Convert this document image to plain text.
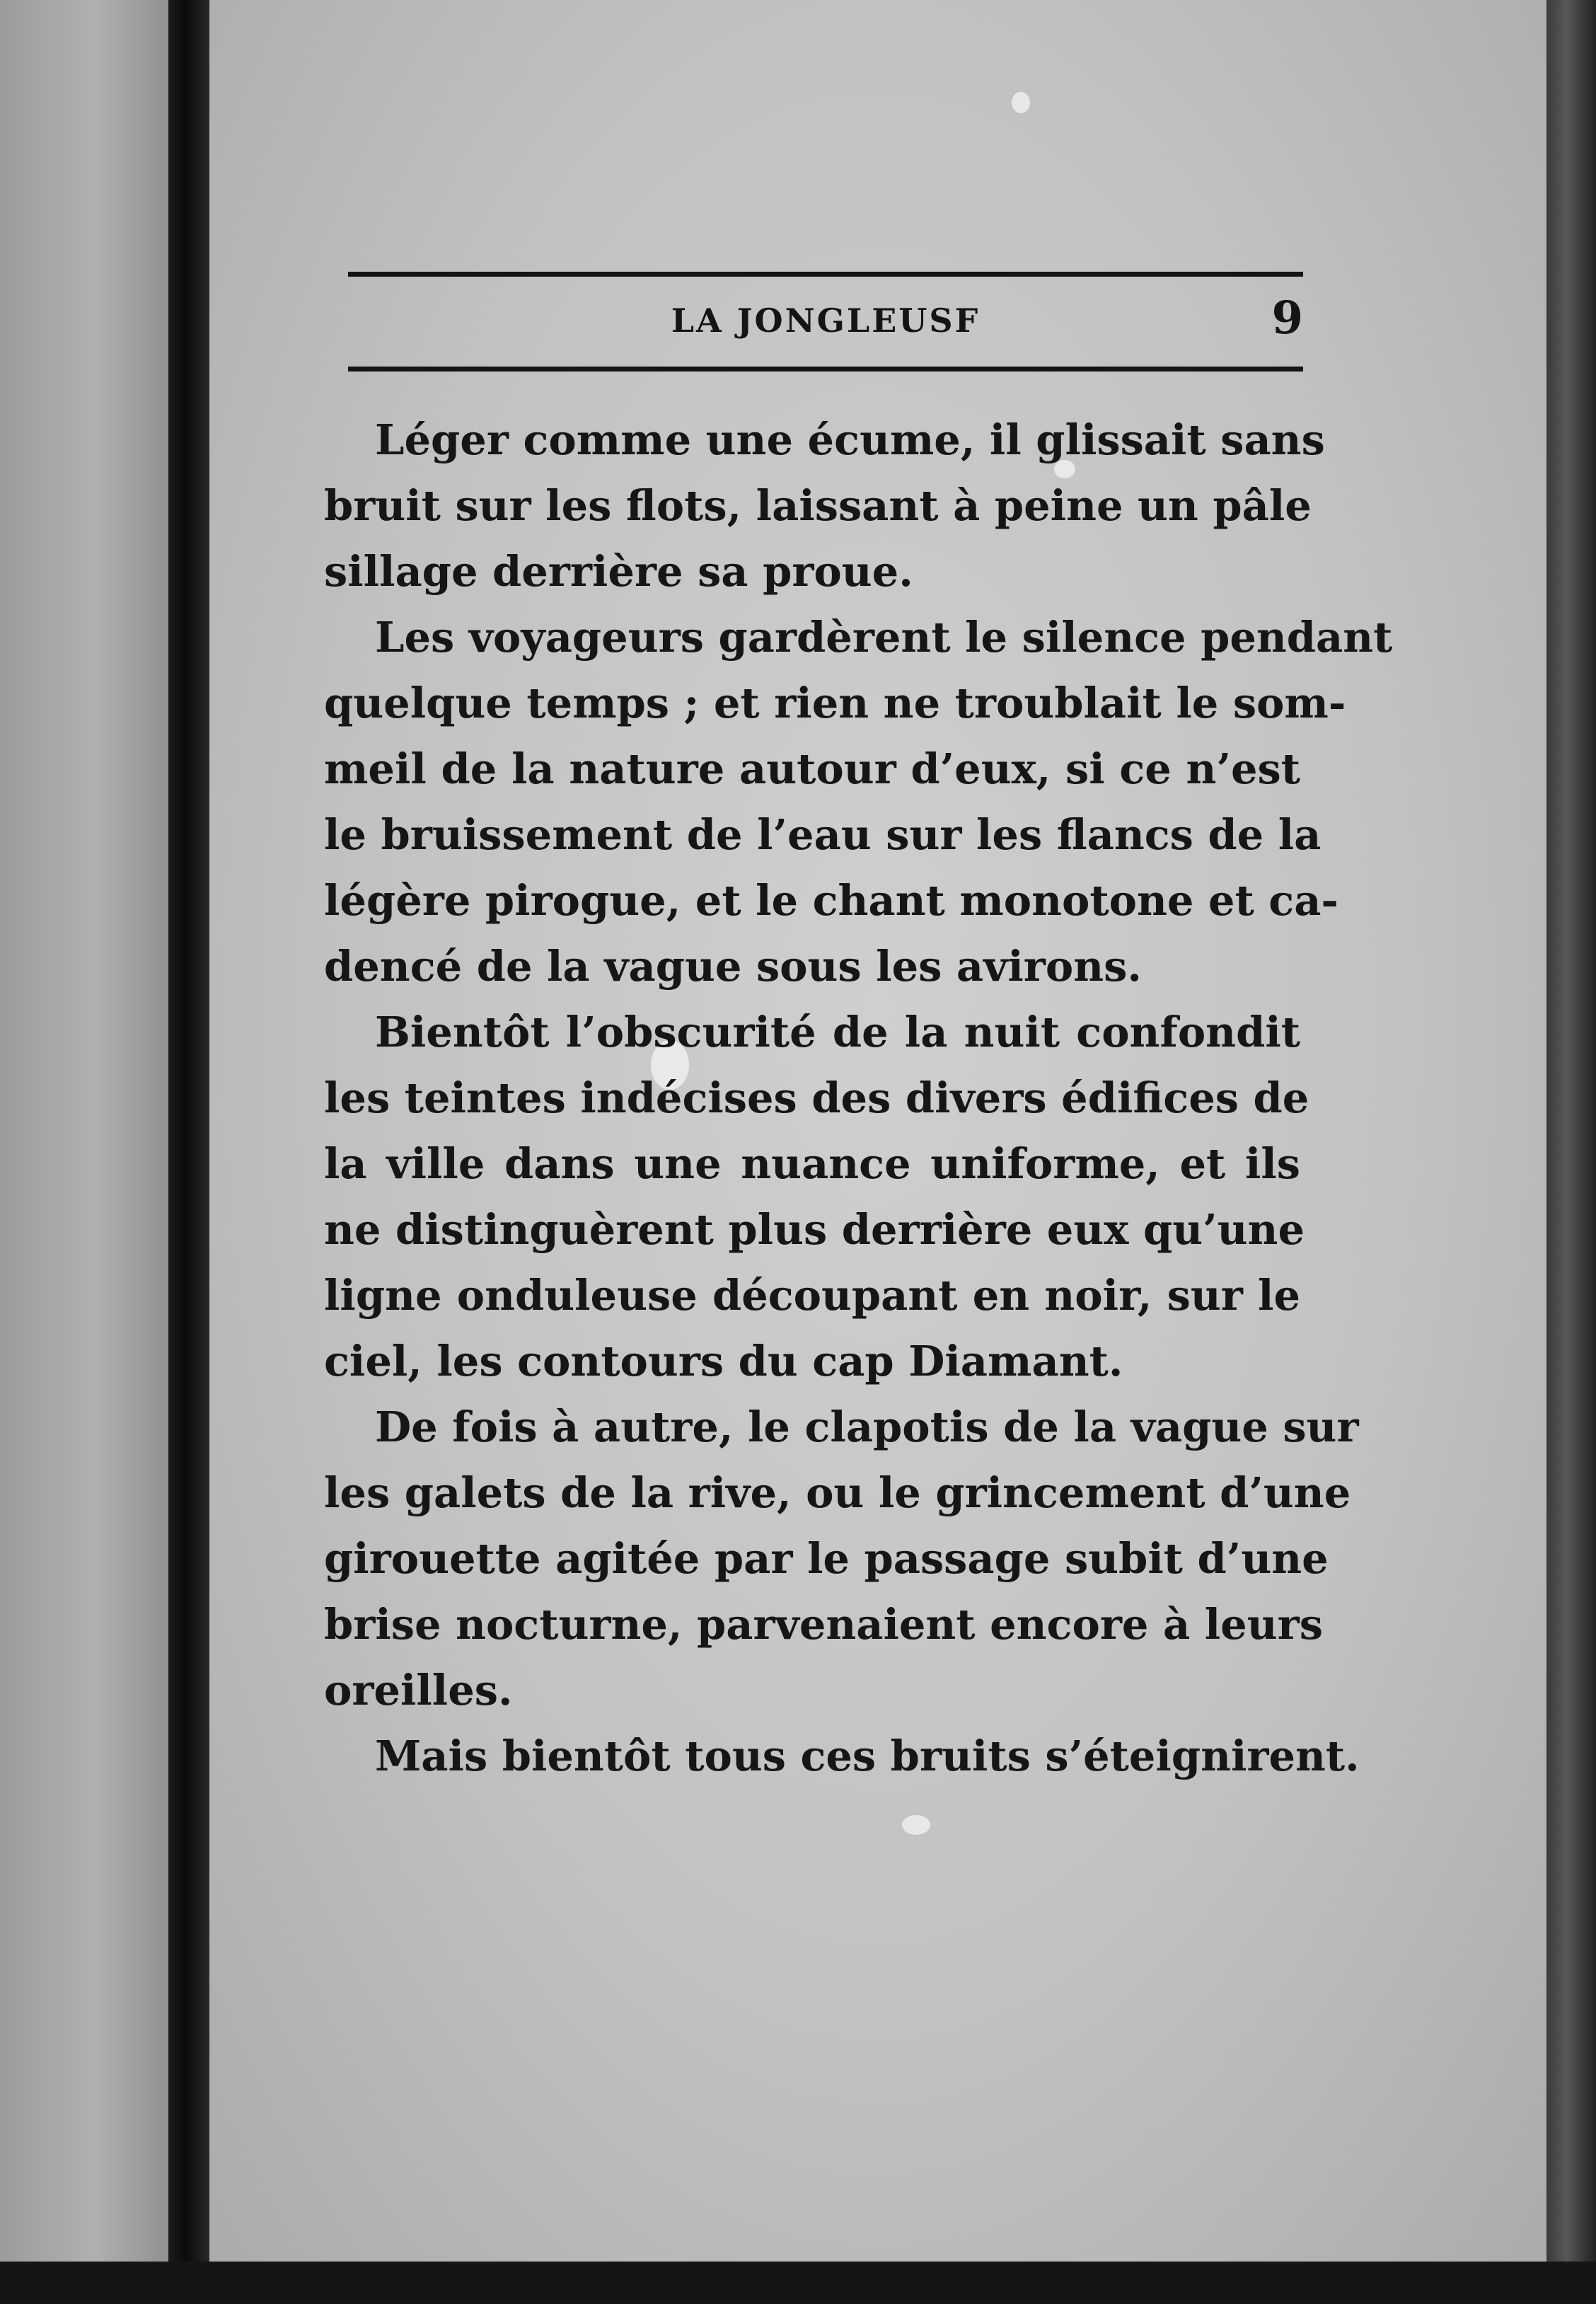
LA JONGLEUSF	9
Léger comme une écume, il glissait sans
bruit sur les flots, laissant à peine un pâle
sillage derrière sa proue.
Les voyageurs gardèrent le silence pendant
quelque temps ; et rien ne troublait le som-
meil de la nature autour d’eux, si ce n’est
le bruissement de l’eau sur les flancs de la
légère pirogue, et le chant monotone et ca-
dencé de la vague sous les avirons.
Bientôt l’obscurité de la nuit confondit
les teintes indécises des divers édifices de
la ville dans une nuance uniforme, et ils
ne distinguèrent plus derrière eux qu’une
ligne onduleuse découpant en noir, sur le
ciel, les contours du cap Diamant.
De fois à autre, le clapotis de la vague sur
les galets de la rive, ou le grincement d’une
girouette agitée par le passage subit d’une
brise nocturne, parvenaient encore à leurs
oreilles.
Mais bientôt tous ces bruits s’éteignirent.
